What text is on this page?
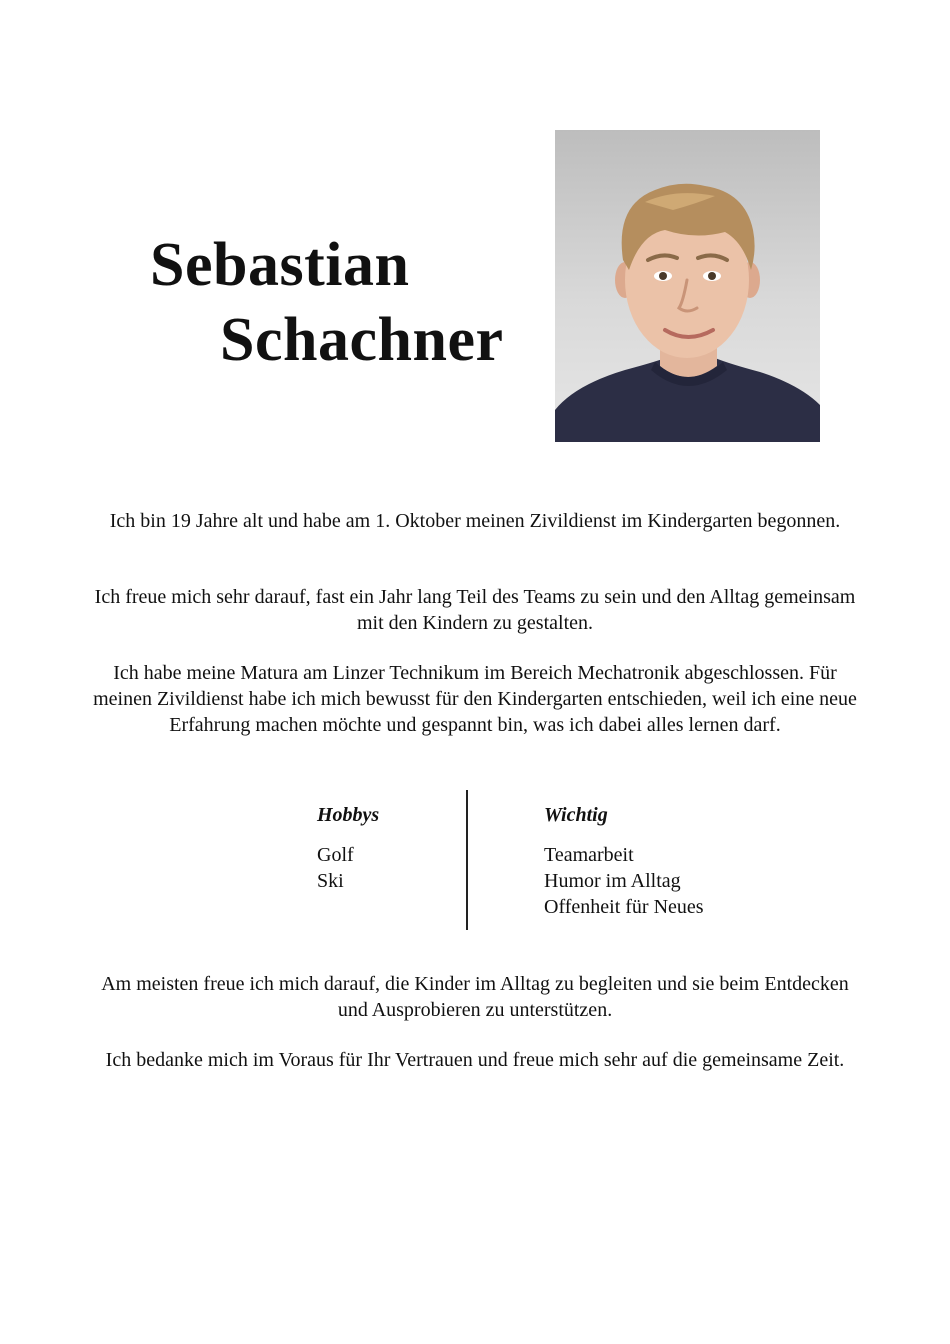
Sebastian
Schachner

Ich bin 19 Jahre alt und habe am 1. Oktober meinen Zivildienst im Kindergarten begonnen.

Ich freue mich sehr darauf, fast ein Jahr lang Teil des Teams zu sein und den Alltag gemeinsam mit den Kindern zu gestalten.

Ich habe meine Matura am Linzer Technikum im Bereich Mechatronik abgeschlossen. Für meinen Zivildienst habe ich mich bewusst für den Kindergarten entschieden, weil ich eine neue Erfahrung machen möchte und gespannt bin, was ich dabei alles lernen darf.

Hobbys
Golf
Ski
Wichtig
Teamarbeit
Humor im Alltag
Offenheit für Neues

Am meisten freue ich mich darauf, die Kinder im Alltag zu begleiten und sie beim Entdecken und Ausprobieren zu unterstützen.

Ich bedanke mich im Voraus für Ihr Vertrauen und freue mich sehr auf die gemeinsame Zeit.
